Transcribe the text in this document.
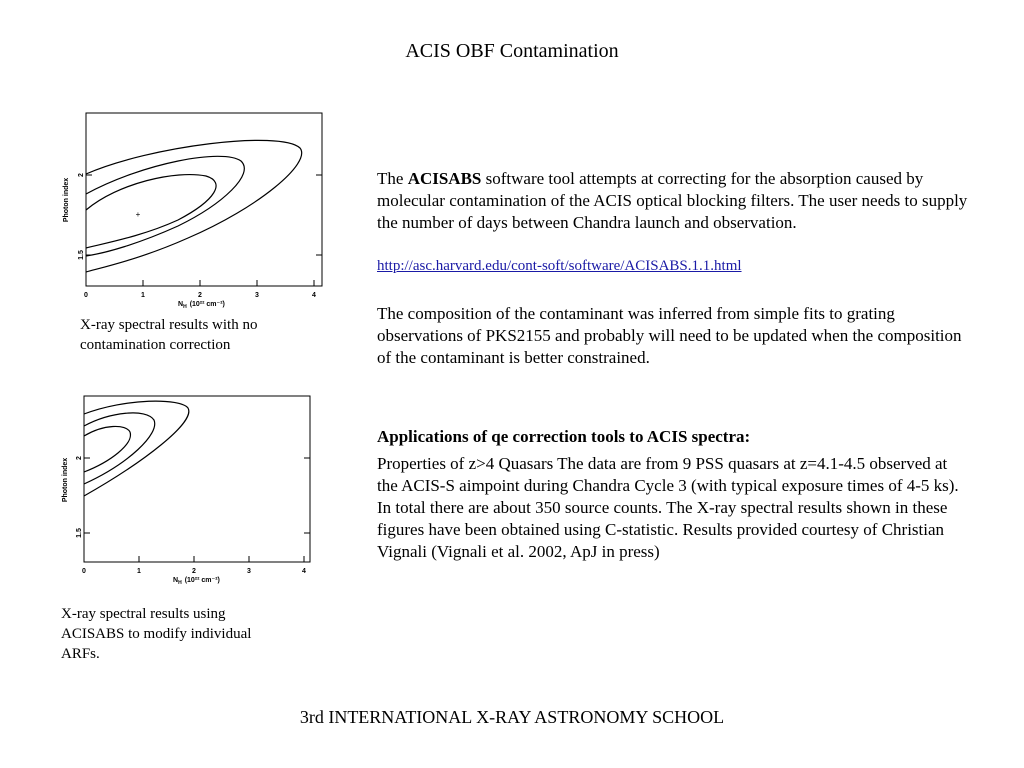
ACIS OBF Contamination
0	1	2	3	4
2
1.5
Photon index
$N_H$ (10²² cm⁻²)
+
X-ray spectral results with no contamination correction
0	1	2	3	4
2
1.5
Photon index
$N_H$ (10²² cm⁻²)
X-ray spectral results using ACISABS to modify individual ARFs.
The ACISABS software tool attempts at correcting for the absorption caused by molecular contamination of the ACIS optical blocking filters. The user needs to supply the number of days between Chandra launch and observation.
http://asc.harvard.edu/cont-soft/software/ACISABS.1.1.html
The composition of the contaminant was inferred from simple fits to grating observations of PKS2155 and probably will need to be updated when the composition of the contaminant is better constrained.
Applications of qe correction tools to ACIS spectra:
Properties of z>4 Quasars The data are from 9 PSS quasars at z=4.1-4.5 observed at the ACIS-S aimpoint during Chandra Cycle 3 (with typical exposure times of 4-5 ks). In total there are about 350 source counts. The X-ray spectral results shown in these figures have been obtained using C-statistic. Results provided courtesy of Christian Vignali (Vignali et al. 2002, ApJ in press)
3rd INTERNATIONAL X-RAY ASTRONOMY SCHOOL
